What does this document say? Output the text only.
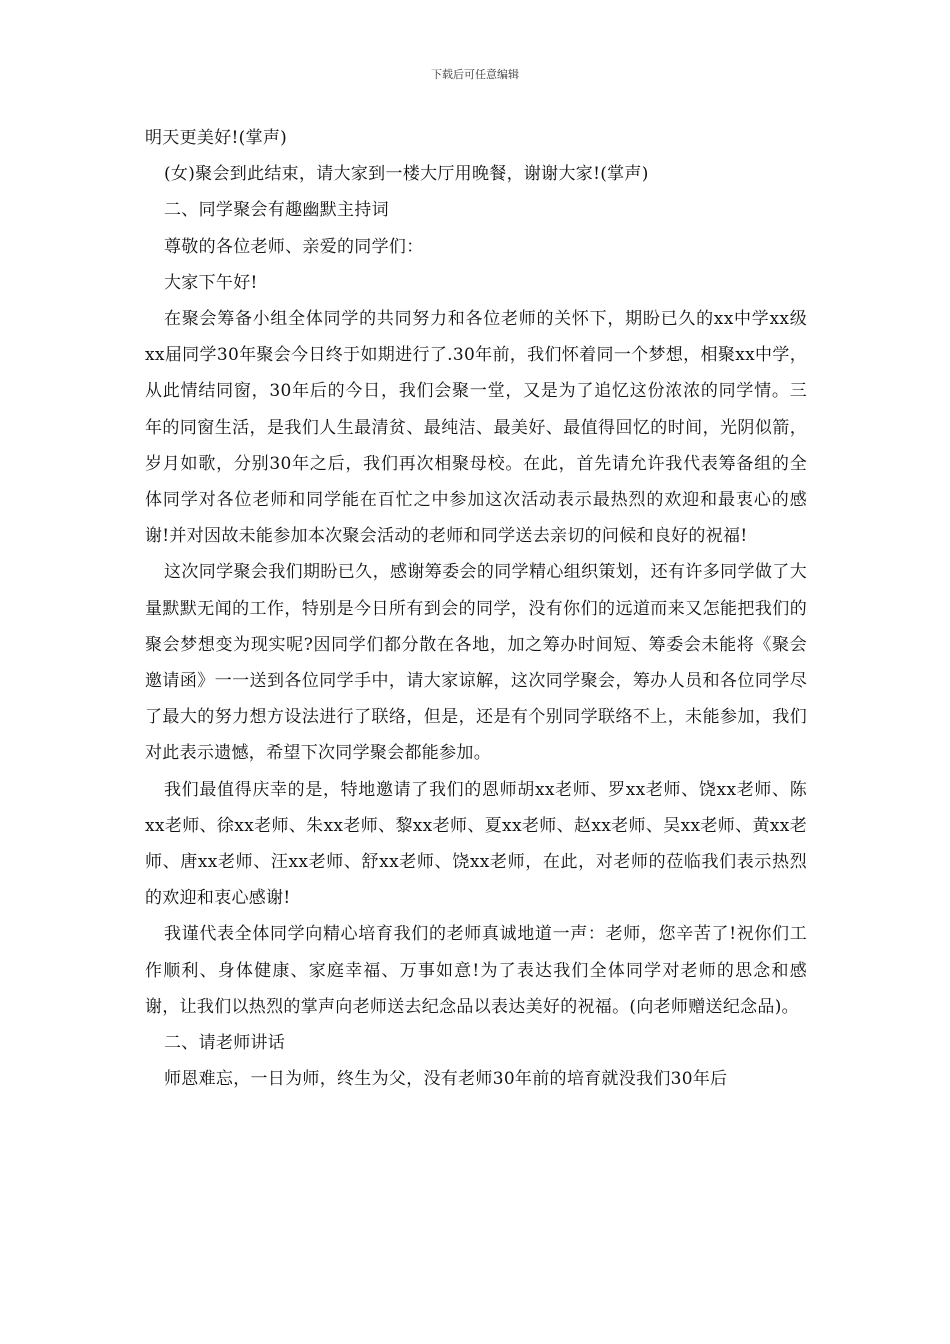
下载后可任意编辑

明天更美好!(掌声)

(女)聚会到此结束，请大家到一楼大厅用晚餐，谢谢大家!(掌声)

二、同学聚会有趣幽默主持词

尊敬的各位老师、亲爱的同学们：

大家下午好!

在聚会筹备小组全体同学的共同努力和各位老师的关怀下，期盼已久的xx中学xx级xx届同学30年聚会今日终于如期进行了.30年前，我们怀着同一个梦想，相聚xx中学，从此情结同窗，30年后的今日，我们会聚一堂，又是为了追忆这份浓浓的同学情。三年的同窗生活，是我们人生最清贫、最纯洁、最美好、最值得回忆的时间，光阴似箭，岁月如歌，分别30年之后，我们再次相聚母校。在此，首先请允许我代表筹备组的全体同学对各位老师和同学能在百忙之中参加这次活动表示最热烈的欢迎和最衷心的感谢!并对因故未能参加本次聚会活动的老师和同学送去亲切的问候和良好的祝福!

这次同学聚会我们期盼已久，感谢筹委会的同学精心组织策划，还有许多同学做了大量默默无闻的工作，特别是今日所有到会的同学，没有你们的远道而来又怎能把我们的聚会梦想变为现实呢?因同学们都分散在各地，加之筹办时间短、筹委会未能将《聚会邀请函》一一送到各位同学手中，请大家谅解，这次同学聚会，筹办人员和各位同学尽了最大的努力想方设法进行了联络，但是，还是有个别同学联络不上，未能参加，我们对此表示遗憾，希望下次同学聚会都能参加。

我们最值得庆幸的是，特地邀请了我们的恩师胡xx老师、罗xx老师、饶xx老师、陈xx老师、徐xx老师、朱xx老师、黎xx老师、夏xx老师、赵xx老师、吴xx老师、黄xx老师、唐xx老师、汪xx老师、舒xx老师、饶xx老师，在此，对老师的莅临我们表示热烈的欢迎和衷心感谢!

我谨代表全体同学向精心培育我们的老师真诚地道一声：老师，您辛苦了!祝你们工作顺利、身体健康、家庭幸福、万事如意!为了表达我们全体同学对老师的思念和感谢，让我们以热烈的掌声向老师送去纪念品以表达美好的祝福。(向老师赠送纪念品)。

二、请老师讲话

师恩难忘，一日为师，终生为父，没有老师30年前的培育就没我们30年后
